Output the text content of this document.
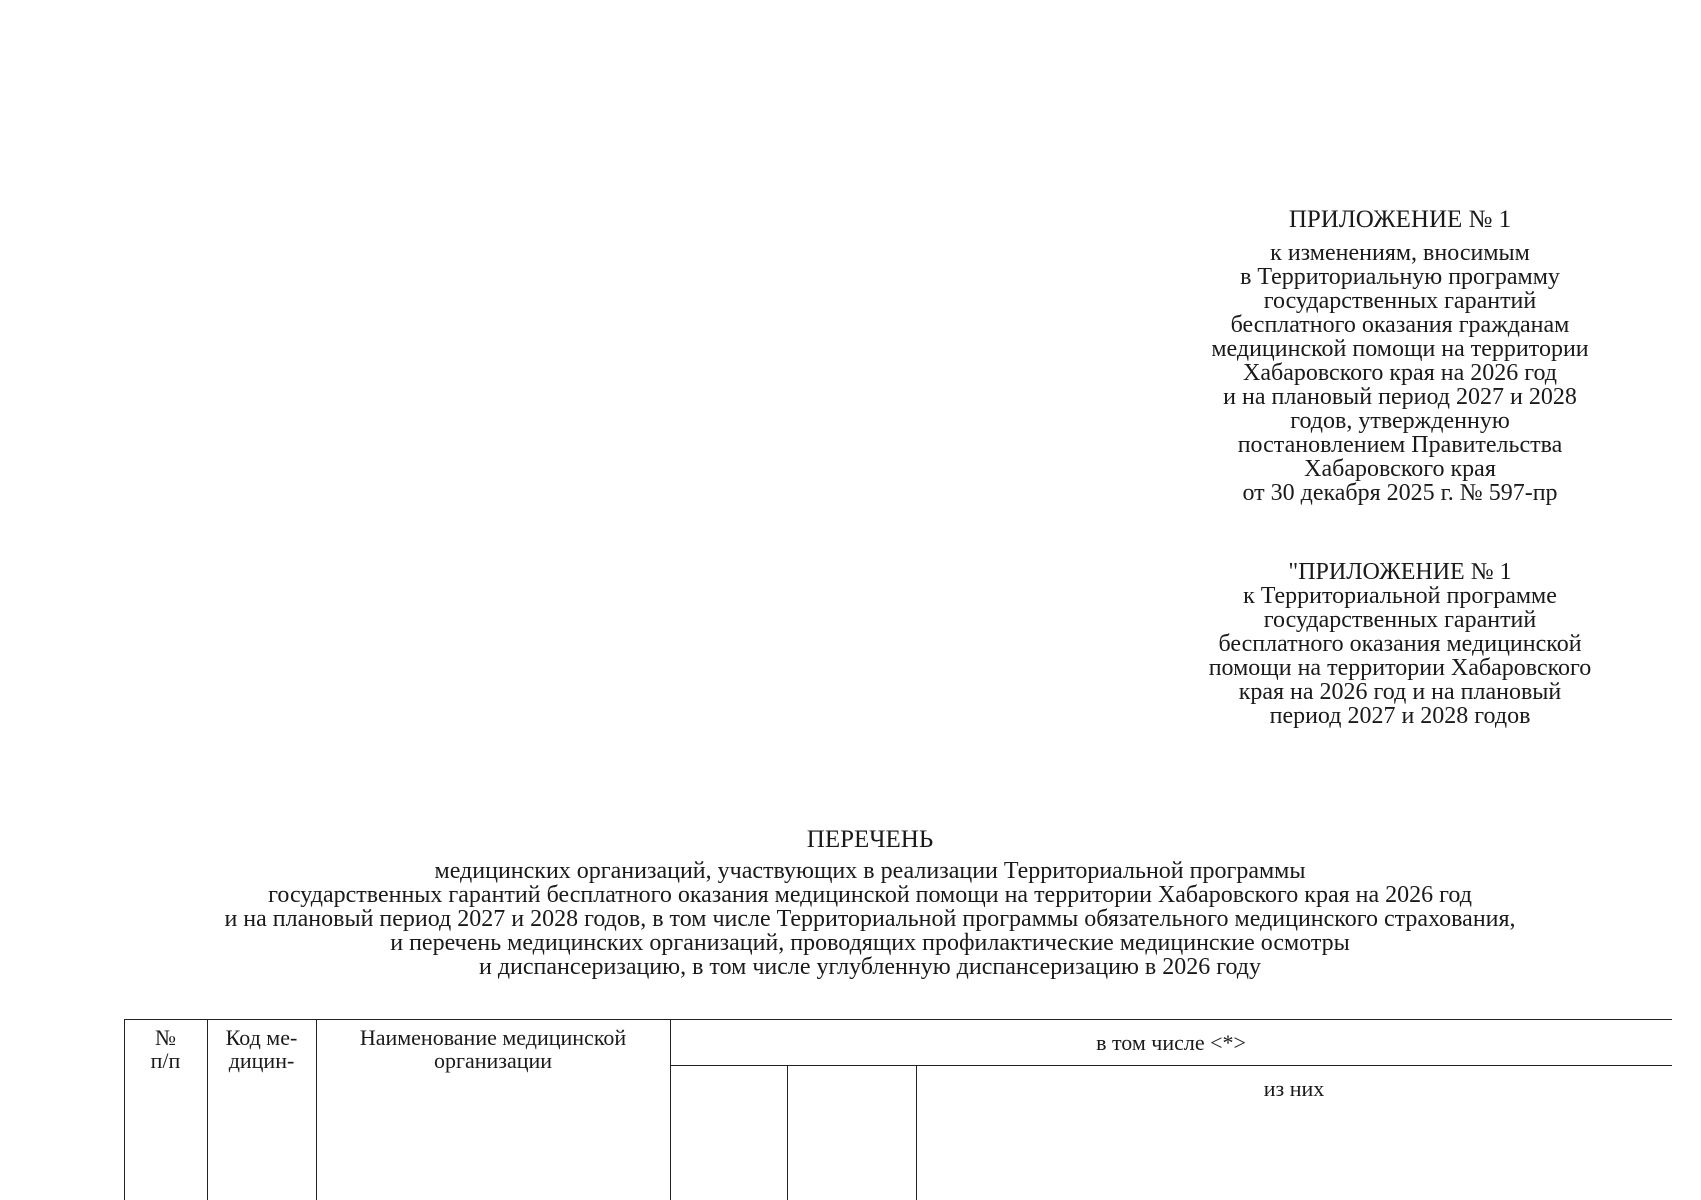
ПРИЛОЖЕНИЕ № 1
к изменениям, вносимым
в Территориальную программу
государственных гарантий
бесплатного оказания гражданам
медицинской помощи на территории
Хабаровского края на 2026 год
и на плановый период 2027 и 2028
годов, утвержденную
постановлением Правительства
Хабаровского края
от 30 декабря 2025 г. № 597-пр
"ПРИЛОЖЕНИЕ № 1
к Территориальной программе
государственных гарантий
бесплатного оказания медицинской
помощи на территории Хабаровского
края на 2026 год и на плановый
период 2027 и 2028 годов
ПЕРЕЧЕНЬ
медицинских организаций, участвующих в реализации Территориальной программы
государственных гарантий бесплатного оказания медицинской помощи на территории Хабаровского края на 2026 год
и на плановый период 2027 и 2028 годов, в том числе Территориальной программы обязательного медицинского страхования,
и перечень медицинских организаций, проводящих профилактические медицинские осмотры
и диспансеризацию, в том числе углубленную диспансеризацию в 2026 году
№
п/п
Код ме-
дицин-
Наименование медицинской
организации
в том числе <*>
из них
